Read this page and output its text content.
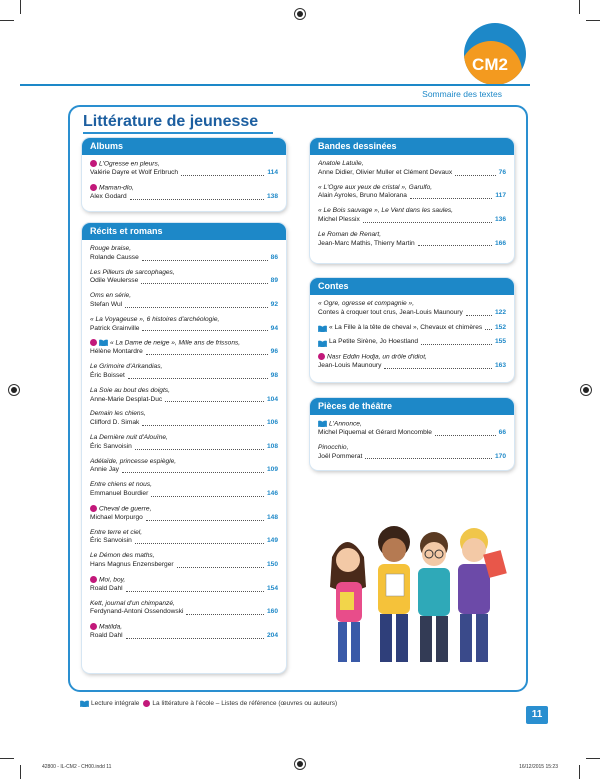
CM2
Sommaire des textes
Littérature de jeunesse
Albums
L'Ogresse en pleurs,
Valérie Dayre et Wolf Erlbruch	114
Maman-dlo,
Alex Godard	138
Récits et romans
Rouge braise,
Rolande Causse	86
Les Pilleurs de sarcophages,
Odile Weulersse	89
Oms en série,
Stefan Wul	92
« La Voyageuse », 6 histoires d'archéologie,
Patrick Grainville	94
« La Dame de neige », Mille ans de frissons,
Hélène Montardre	96
Le Grimoire d'Arkandias,
Éric Boisset	98
La Soie au bout des doigts,
Anne-Marie Desplat-Duc	104
Demain les chiens,
Clifford D. Simak	106
La Dernière nuit d'Alouïne,
Éric Sanvoisin	108
Adélaïde, princesse espiègle,
Annie Jay	109
Entre chiens et nous,
Emmanuel Bourdier	146
Cheval de guerre,
Michael Morpurgo	148
Entre terre et ciel,
Éric Sanvoisin	149
Le Démon des maths,
Hans Magnus Enzensberger	150
Moi, boy,
Roald Dahl	154
Kett, journal d'un chimpanzé,
Ferdynand-Antoni Ossendowski	160
Matilda,
Roald Dahl	204
Bandes dessinées
Anatole Latuile,
Anne Didier, Olivier Muller et Clément Devaux	76
« L'Ogre aux yeux de cristal », Garulfo,
Alain Ayroles, Bruno Maïorana	117
« Le Bois sauvage », Le Vent dans les saules,
Michel Plessix	136
Le Roman de Renart,
Jean-Marc Mathis, Thierry Martin	166
Contes
« Ogre, ogresse et compagnie »,
Contes à croquer tout crus, Jean-Louis Maunoury	122
« La Fille à la tête de cheval », Chevaux et chimères 152
La Petite Sirène, Jo Hoestland	155
Nasr Eddin Hodja, un drôle d'idiot,
Jean-Louis Maunoury	163
Pièces de théâtre
L'Annonce,
Michel Piquemal et Gérard Moncomble	66
Pinocchio,
Joël Pommerat	170
Lecture intégrale La littérature à l'école – Listes de référence (œuvres ou auteurs)
11
42800 - IL-CM2 - CH00.indd 11	16/12/2015 15:23
